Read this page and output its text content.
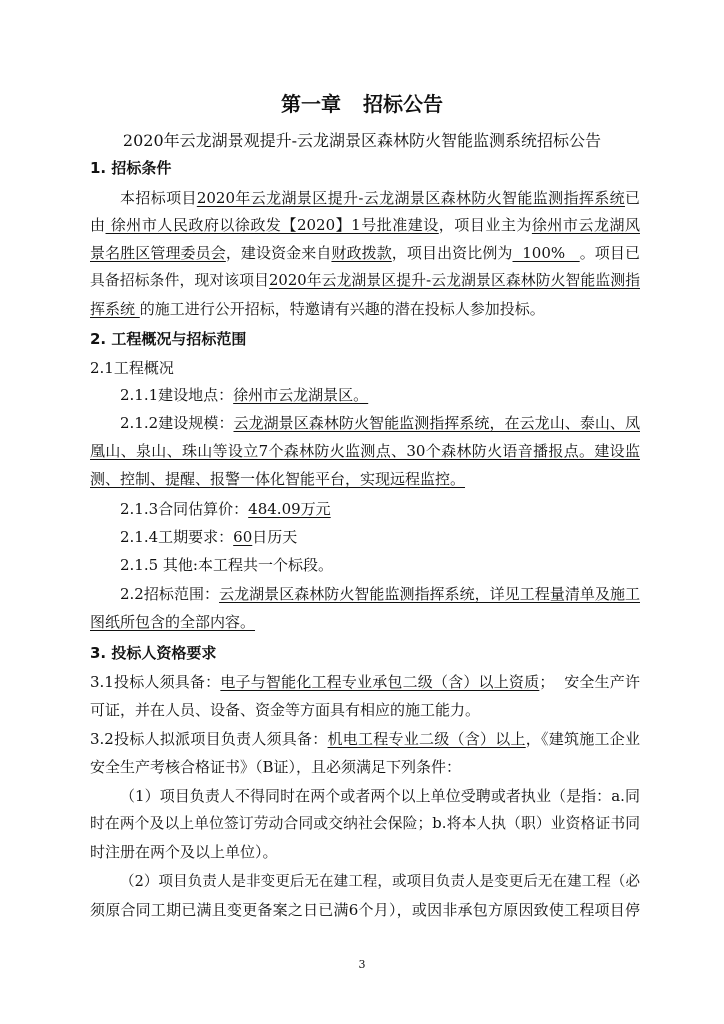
第一章 招标公告

2020年云龙湖景观提升-云龙湖景区森林防火智能监测系统招标公告

1. 招标条件

本招标项目2020年云龙湖景区提升-云龙湖景区森林防火智能监测指挥系统已

由 徐州市人民政府以徐政发【2020】1号批准建设，项目业主为徐州市云龙湖风

景名胜区管理委员会，建设资金来自财政拨款，项目出资比例为  100%   。项目已

具备招标条件，现对该项目2020年云龙湖景区提升-云龙湖景区森林防火智能监测指

挥系统 的施工进行公开招标，特邀请有兴趣的潜在投标人参加投标。

2. 工程概况与招标范围

2.1工程概况

2.1.1建设地点：徐州市云龙湖景区。

2.1.2建设规模：云龙湖景区森林防火智能监测指挥系统，在云龙山、泰山、凤

凰山、泉山、珠山等设立7个森林防火监测点、30个森林防火语音播报点。建设监

测、控制、提醒、报警一体化智能平台，实现远程监控。

2.1.3合同估算价：484.09万元

2.1.4工期要求：60日历天

2.1.5 其他:本工程共一个标段。

2.2招标范围：云龙湖景区森林防火智能监测指挥系统，详见工程量清单及施工

图纸所包含的全部内容。

3. 投标人资格要求

3.1投标人须具备：电子与智能化工程专业承包二级（含）以上资质；  安全生产许

可证，并在人员、设备、资金等方面具有相应的施工能力。

3.2投标人拟派项目负责人须具备：机电工程专业二级（含）以上，《建筑施工企业

安全生产考核合格证书》（B证），且必须满足下列条件：

（1）项目负责人不得同时在两个或者两个以上单位受聘或者执业（是指：a.同

时在两个及以上单位签订劳动合同或交纳社会保险；b.将本人执（职）业资格证书同

时注册在两个及以上单位）。

（2）项目负责人是非变更后无在建工程，或项目负责人是变更后无在建工程（必

须原合同工期已满且变更备案之日已满6个月），或因非承包方原因致使工程项目停

3
